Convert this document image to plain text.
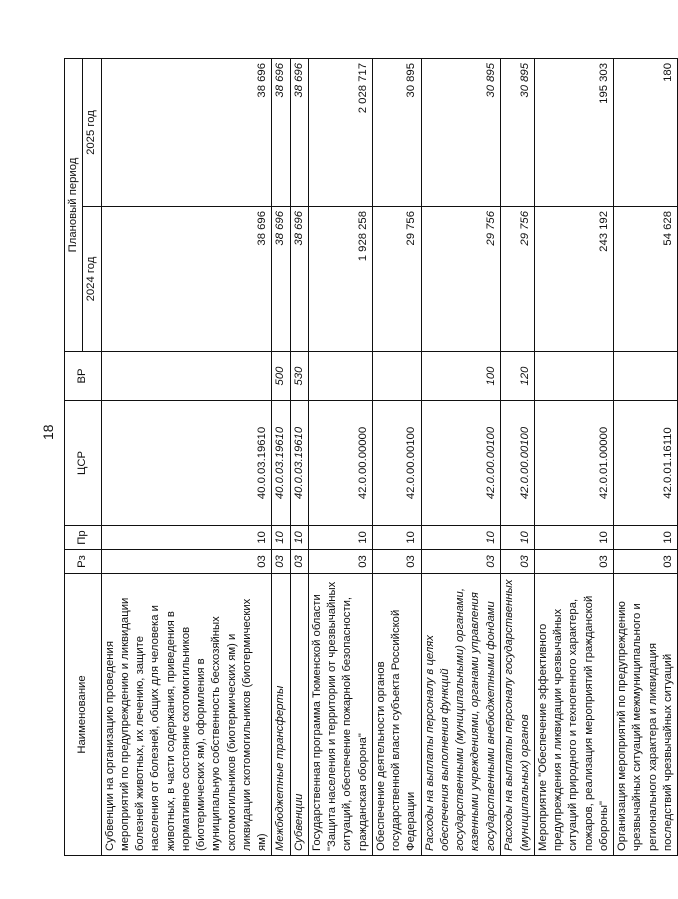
18
Наименование	Рз	Пр	ЦСР	ВР	Плановый период	
					2024 год	2025 год
Субвенции на организацию проведения мероприятий по предупреждению и ликвидации болезней животных, их лечению, защите населения от болезней, общих для человека и животных, в части содержания, приведения в нормативное состояние скотомогильников (биотермических ям), оформления в муниципальную собственность бесхозяйных скотомогильников (биотермических ям) и ликвидации скотомогильников (биотермических ям)	03	10	40.0.03.19610		38 696	38 696
Межбюджетные трансферты	03	10	40.0.03.19610	500	38 696	38 696
Субвенции	03	10	40.0.03.19610	530	38 696	38 696
Государственная программа Тюменской области "Защита населения и территории от чрезвычайных ситуаций, обеспечение пожарной безопасности, гражданская оборона"	03	10	42.0.00.00000		1 928 258	2 028 717
Обеспечение деятельности органов государственной власти субъекта Российской Федерации	03	10	42.0.00.00100		29 756	30 895
Расходы на выплаты персоналу в целях обеспечения выполнения функций государственными (муниципальными) органами, казенными учреждениями, органами управления государственными внебюджетными фондами	03	10	42.0.00.00100	100	29 756	30 895
Расходы на выплаты персоналу государственных (муниципальных) органов	03	10	42.0.00.00100	120	29 756	30 895
Мероприятие "Обеспечение эффективного предупреждения и ликвидации чрезвычайных ситуаций природного и техногенного характера, пожаров, реализация мероприятий гражданской обороны"	03	10	42.0.01.00000		243 192	195 303
Организация мероприятий по предупреждению чрезвычайных ситуаций межмуниципального и регионального характера и ликвидация последствий чрезвычайных ситуаций	03	10	42.0.01.16110		54 628	180
